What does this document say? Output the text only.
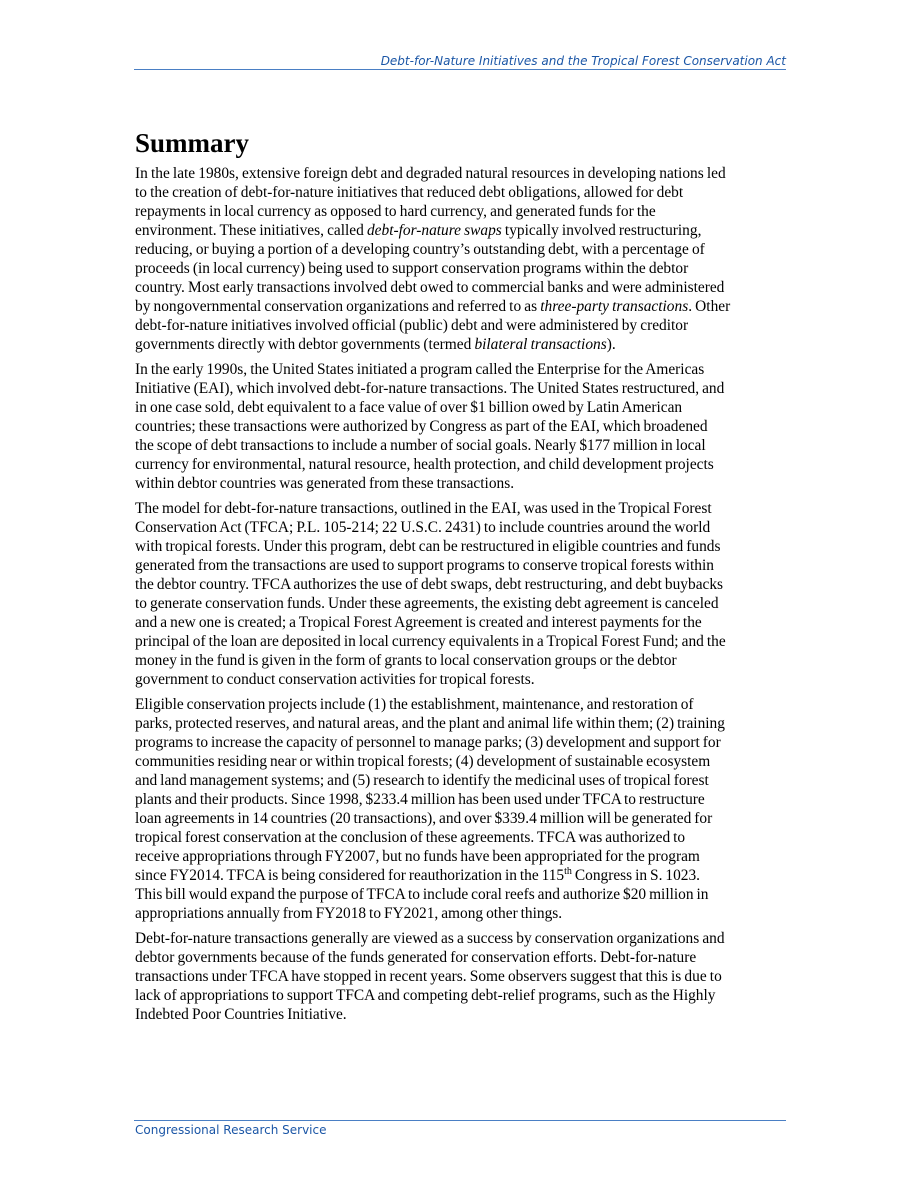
Debt-for-Nature Initiatives and the Tropical Forest Conservation Act
Summary

In the late 1980s, extensive foreign debt and degraded natural resources in developing nations led
to the creation of debt-for-nature initiatives that reduced debt obligations, allowed for debt
repayments in local currency as opposed to hard currency, and generated funds for the
environment. These initiatives, called debt-for-nature swaps typically involved restructuring,
reducing, or buying a portion of a developing country’s outstanding debt, with a percentage of
proceeds (in local currency) being used to support conservation programs within the debtor
country. Most early transactions involved debt owed to commercial banks and were administered
by nongovernmental conservation organizations and referred to as three-party transactions. Other
debt-for-nature initiatives involved official (public) debt and were administered by creditor
governments directly with debtor governments (termed bilateral transactions).

In the early 1990s, the United States initiated a program called the Enterprise for the Americas
Initiative (EAI), which involved debt-for-nature transactions. The United States restructured, and
in one case sold, debt equivalent to a face value of over $1 billion owed by Latin American
countries; these transactions were authorized by Congress as part of the EAI, which broadened
the scope of debt transactions to include a number of social goals. Nearly $177 million in local
currency for environmental, natural resource, health protection, and child development projects
within debtor countries was generated from these transactions.

The model for debt-for-nature transactions, outlined in the EAI, was used in the Tropical Forest
Conservation Act (TFCA; P.L. 105-214; 22 U.S.C. 2431) to include countries around the world
with tropical forests. Under this program, debt can be restructured in eligible countries and funds
generated from the transactions are used to support programs to conserve tropical forests within
the debtor country. TFCA authorizes the use of debt swaps, debt restructuring, and debt buybacks
to generate conservation funds. Under these agreements, the existing debt agreement is canceled
and a new one is created; a Tropical Forest Agreement is created and interest payments for the
principal of the loan are deposited in local currency equivalents in a Tropical Forest Fund; and the
money in the fund is given in the form of grants to local conservation groups or the debtor
government to conduct conservation activities for tropical forests.

Eligible conservation projects include (1) the establishment, maintenance, and restoration of
parks, protected reserves, and natural areas, and the plant and animal life within them; (2) training
programs to increase the capacity of personnel to manage parks; (3) development and support for
communities residing near or within tropical forests; (4) development of sustainable ecosystem
and land management systems; and (5) research to identify the medicinal uses of tropical forest
plants and their products. Since 1998, $233.4 million has been used under TFCA to restructure
loan agreements in 14 countries (20 transactions), and over $339.4 million will be generated for
tropical forest conservation at the conclusion of these agreements. TFCA was authorized to
receive appropriations through FY2007, but no funds have been appropriated for the program
since FY2014. TFCA is being considered for reauthorization in the 115th Congress in S. 1023.
This bill would expand the purpose of TFCA to include coral reefs and authorize $20 million in
appropriations annually from FY2018 to FY2021, among other things.

Debt-for-nature transactions generally are viewed as a success by conservation organizations and
debtor governments because of the funds generated for conservation efforts. Debt-for-nature
transactions under TFCA have stopped in recent years. Some observers suggest that this is due to
lack of appropriations to support TFCA and competing debt-relief programs, such as the Highly
Indebted Poor Countries Initiative.

Congressional Research Service
